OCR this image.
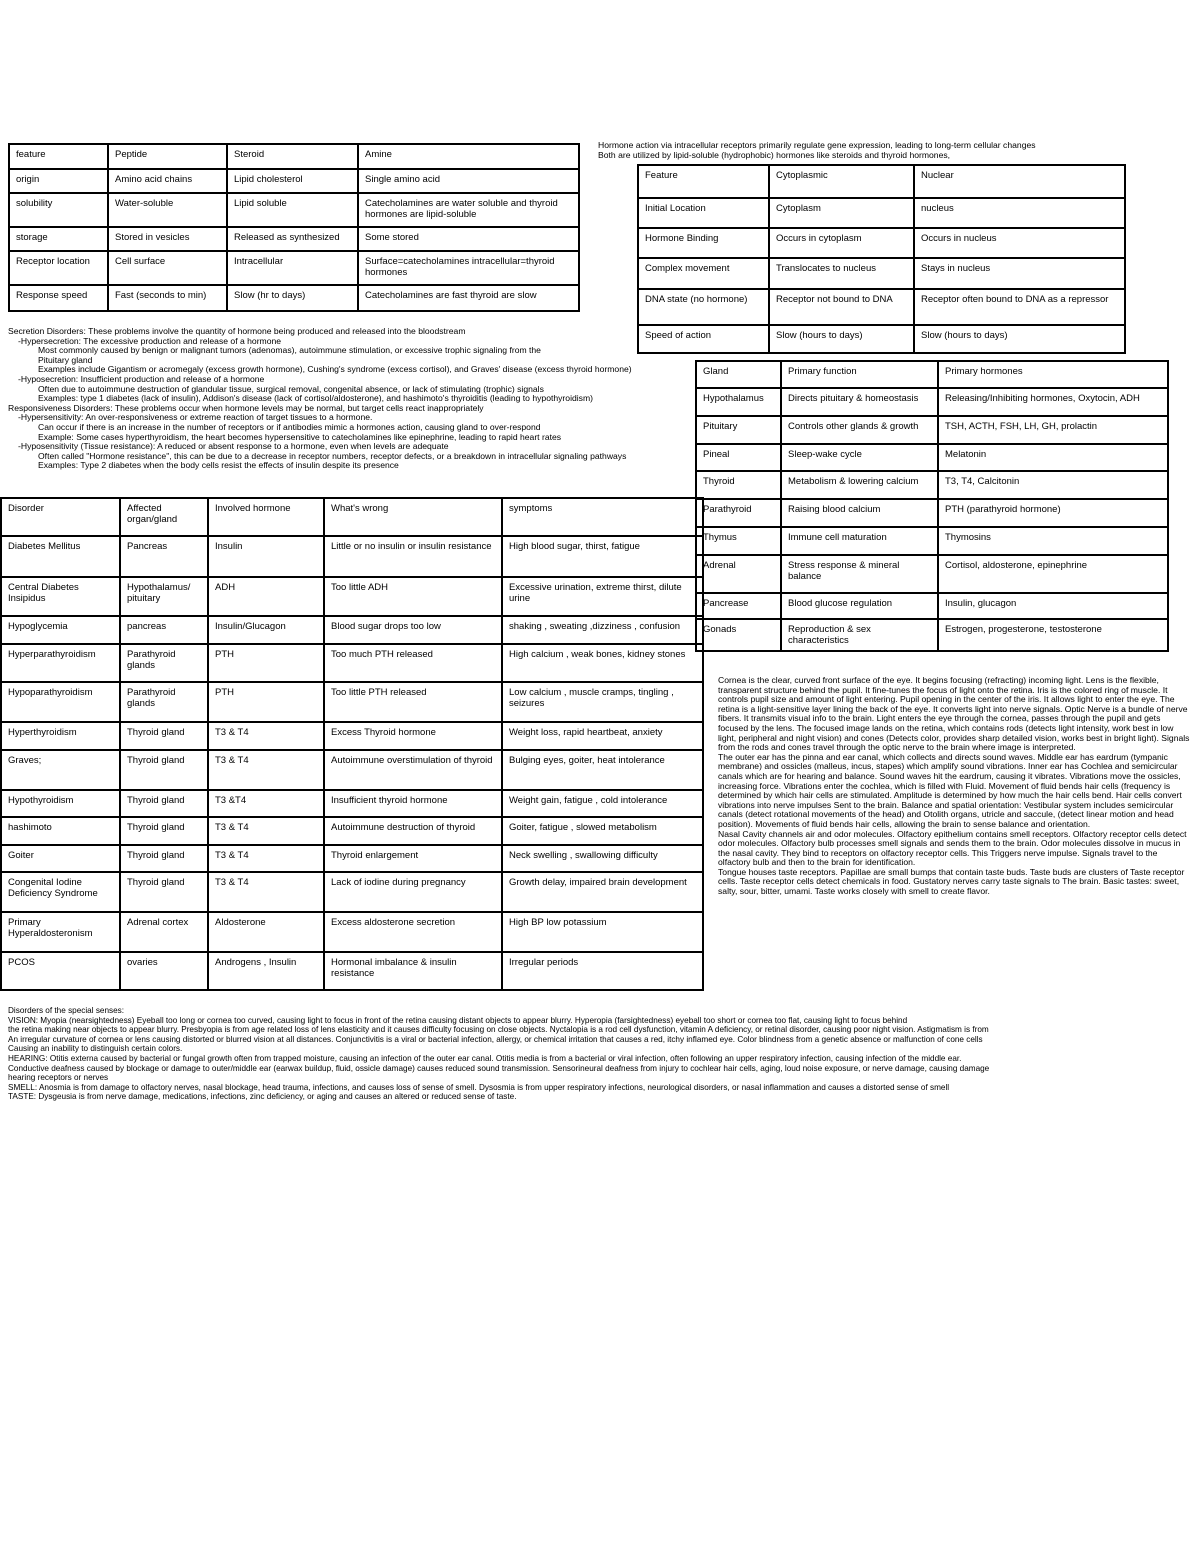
feature	Peptide	Steroid	Amine
origin	Amino acid chains	Lipid cholesterol	Single amino acid
solubility	Water-soluble	Lipid soluble	Catecholamines are water soluble and thyroid hormones are lipid-soluble
storage	Stored in vesicles	Released as synthesized	Some stored
Receptor location	Cell surface	Intracellular	Surface=catecholamines intracellular=thyroid hormones
Response speed	Fast (seconds to min)	Slow (hr to days)	Catecholamines are fast thyroid are slow
Hormone action via intracellular receptors primarily regulate gene expression, leading to long-term cellular changes
Both are utilized by lipid-soluble (hydrophobic) hormones like steroids and thyroid hormones,
Feature	Cytoplasmic	Nuclear
Initial Location	Cytoplasm	nucleus
Hormone Binding	Occurs in cytoplasm	Occurs in nucleus
Complex movement	Translocates to nucleus	Stays in nucleus
DNA state (no hormone)	Receptor not bound to DNA	Receptor often bound to DNA as a repressor
Speed of action	Slow (hours to days)	Slow (hours to days)
Gland	Primary function	Primary hormones
Hypothalamus	Directs pituitary & homeostasis	Releasing/Inhibiting hormones, Oxytocin, ADH
Pituitary	Controls other glands & growth	TSH, ACTH, FSH, LH, GH, prolactin
Pineal	Sleep-wake cycle	Melatonin
Thyroid	Metabolism & lowering calcium	T3, T4, Calcitonin
Parathyroid	Raising blood calcium	PTH (parathyroid hormone)
Thymus	Immune cell maturation	Thymosins
Adrenal	Stress response & mineral balance	Cortisol, aldosterone, epinephrine
Pancrease	Blood glucose regulation	Insulin, glucagon
Gonads	Reproduction & sex characteristics	Estrogen, progesterone, testosterone
Secretion Disorders: These problems involve the quantity of hormone being produced and released into the bloodstream
-Hypersecretion: The excessive production and release of a hormone
Most commonly caused by benign or malignant tumors (adenomas), autoimmune stimulation, or excessive trophic signaling from the
Pituitary gland
Examples include Gigantism or acromegaly (excess growth hormone), Cushing's syndrome (excess cortisol), and Graves' disease (excess thyroid hormone)
-Hyposecretion: Insufficient production and release of a hormone
Often due to autoimmune destruction of glandular tissue, surgical removal, congenital absence, or lack of stimulating (trophic) signals
Examples: type 1 diabetes (lack of insulin), Addison's disease (lack of cortisol/aldosterone), and hashimoto's thyroiditis (leading to hypothyroidism)
Responsiveness Disorders: These problems occur when hormone levels may be normal, but target cells react inappropriately
-Hypersensitivity: An over-responsiveness or extreme reaction of target tissues to a hormone.
Can occur if there is an increase in the number of receptors or if antibodies mimic a hormones action, causing gland to over-respond
Example: Some cases hyperthyroidism, the heart becomes hypersensitive to catecholamines like epinephrine, leading to rapid heart rates
-Hyposensitivity (Tissue resistance): A reduced or absent response to a hormone, even when levels are adequate
Often called "Hormone resistance", this can be due to a decrease in receptor numbers, receptor defects, or a breakdown in intracellular signaling pathways
Examples: Type 2 diabetes when the body cells resist the effects of insulin despite its presence
Disorder	Affected organ/gland	Involved hormone	What's wrong	symptoms
Diabetes Mellitus	Pancreas	Insulin	Little or no insulin or insulin resistance	High blood sugar, thirst, fatigue
Central Diabetes Insipidus	Hypothalamus/ pituitary	ADH	Too little ADH	Excessive urination, extreme thirst, dilute urine
Hypoglycemia	pancreas	Insulin/Glucagon	Blood sugar drops too low	shaking , sweating ,dizziness , confusion
Hyperparathyroidism	Parathyroid glands	PTH	Too much PTH released	High calcium , weak bones, kidney stones
Hypoparathyroidism	Parathyroid glands	PTH	Too little PTH released	Low calcium , muscle cramps, tingling , seizures
Hyperthyroidism	Thyroid gland	T3 & T4	Excess Thyroid hormone	Weight loss, rapid heartbeat, anxiety
Graves;	Thyroid gland	T3 & T4	Autoimmune overstimulation of thyroid	Bulging eyes, goiter, heat intolerance
Hypothyroidism	Thyroid gland	T3 &T4	Insufficient thyroid hormone	Weight gain, fatigue , cold intolerance
hashimoto	Thyroid gland	T3 & T4	Autoimmune destruction of thyroid	Goiter, fatigue , slowed metabolism
Goiter	Thyroid gland	T3 & T4	Thyroid enlargement	Neck swelling , swallowing difficulty
Congenital Iodine Deficiency Syndrome	Thyroid gland	T3 & T4	Lack of iodine during pregnancy	Growth delay, impaired brain development
Primary Hyperaldosteronism	Adrenal cortex	Aldosterone	Excess aldosterone secretion	High BP low potassium
PCOS	ovaries	Androgens , Insulin	Hormonal imbalance & insulin resistance	Irregular periods
Cornea is the clear, curved front surface of the eye. It begins focusing (refracting) incoming light. Lens is the flexible, transparent structure behind the pupil. It fine-tunes the focus of light onto the retina. Iris is the colored ring of muscle. It controls pupil size and amount of light entering. Pupil opening in the center of the iris. It allows light to enter the eye. The retina is a light-sensitive layer lining the back of the eye. It converts light into nerve signals. Optic Nerve is a bundle of nerve fibers. It transmits visual info to the brain. Light enters the eye through the cornea, passes through the pupil and gets focused by the lens. The focused image lands on the retina, which contains rods (detects light intensity, work best in low light, peripheral and night vision) and cones (Detects color, provides sharp detailed vision, works best in bright light). Signals from the rods and cones travel through the optic nerve to the brain where image is interpreted.
The outer ear has the pinna and ear canal, which collects and directs sound waves. Middle ear has eardrum (tympanic membrane) and ossicles (malleus, incus, stapes) which amplify sound vibrations. Inner ear has Cochlea and semicircular canals which are for hearing and balance. Sound waves hit the eardrum, causing it vibrates. Vibrations move the ossicles, increasing force. Vibrations enter the cochlea, which is filled with Fluid. Movement of fluid bends hair cells (frequency is determined by which hair cells are stimulated. Amplitude is determined by how much the hair cells bend. Hair cells convert vibrations into nerve impulses Sent to the brain. Balance and spatial orientation: Vestibular system includes semicircular canals (detect rotational movements of the head) and Otolith organs, utricle and saccule, (detect linear motion and head position). Movements of fluid bends hair cells, allowing the brain to sense balance and orientation.
Nasal Cavity channels air and odor molecules. Olfactory epithelium contains smell receptors. Olfactory receptor cells detect odor molecules. Olfactory bulb processes smell signals and sends them to the brain. Odor molecules dissolve in mucus in the nasal cavity. They bind to receptors on olfactory receptor cells. This Triggers nerve impulse. Signals travel to the olfactory bulb and then to the brain for identification.
Tongue houses taste receptors. Papillae are small bumps that contain taste buds. Taste buds are clusters of Taste receptor cells. Taste receptor cells detect chemicals in food. Gustatory nerves carry taste signals to The brain. Basic tastes: sweet, salty, sour, bitter, umami. Taste works closely with smell to create flavor.
Disorders of the special senses:
VISION: Myopia (nearsightedness) Eyeball too long or cornea too curved, causing light to focus in front of the retina causing distant objects to appear blurry. Hyperopia (farsightedness) eyeball too short or cornea too flat, causing light to focus behind
the retina making near objects to appear blurry. Presbyopia is from age related loss of lens elasticity and it causes difficulty focusing on close objects. Nyctalopia is a rod cell dysfunction, vitamin A deficiency, or retinal disorder, causing poor night vision. Astigmatism is from
An irregular curvature of cornea or lens causing distorted or blurred vision at all distances. Conjunctivitis is a viral or bacterial infection, allergy, or chemical irritation that causes a red, itchy inflamed eye. Color blindness from a genetic absence or malfunction of cone cells
Causing an inability to distinguish certain colors.
HEARING: Otitis externa caused by bacterial or fungal growth often from trapped moisture, causing an infection of the outer ear canal. Otitis media is from a bacterial or viral infection, often following an upper respiratory infection, causing infection of the middle ear.
Conductive deafness caused by blockage or damage to outer/middle ear (earwax buildup, fluid, ossicle damage) causes reduced sound transmission. Sensorineural deafness from injury to cochlear hair cells, aging, loud noise exposure, or nerve damage, causing damage
hearing receptors or nerves
SMELL: Anosmia is from damage to olfactory nerves, nasal blockage, head trauma, infections, and causes loss of sense of smell. Dysosmia is from upper respiratory infections, neurological disorders, or nasal inflammation and causes a distorted sense of smell
TASTE: Dysgeusia is from nerve damage, medications, infections, zinc deficiency, or aging and causes an altered or reduced sense of taste.
